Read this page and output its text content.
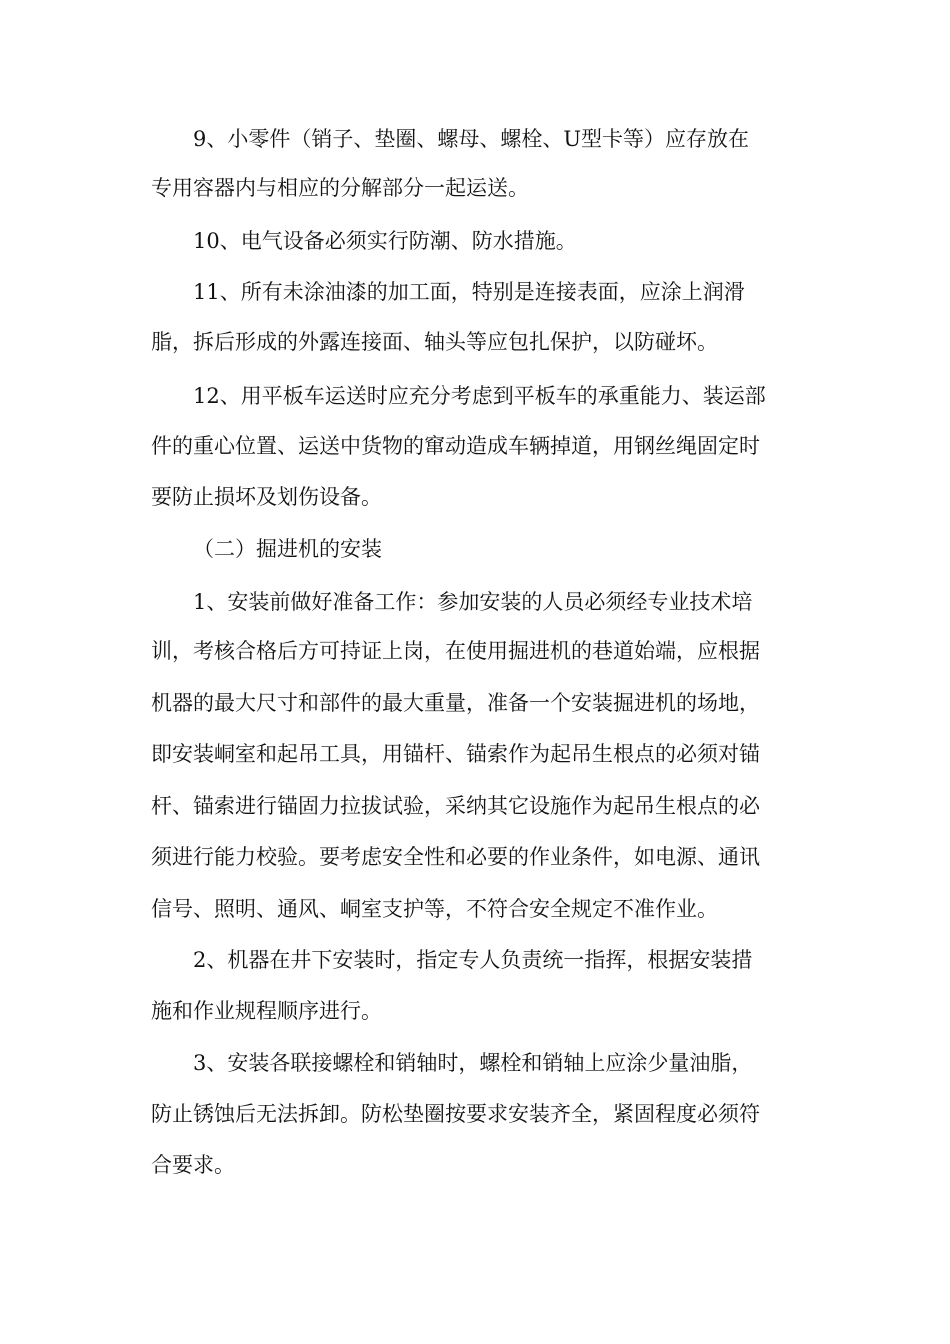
9、小零件（销子、垫圈、螺母、螺栓、U型卡等）应存放在
专用容器内与相应的分解部分一起运送。
10、电气设备必须实行防潮、防水措施。
11、所有未涂油漆的加工面，特别是连接表面，应涂上润滑
脂，拆后形成的外露连接面、轴头等应包扎保护，以防碰坏。
12、用平板车运送时应充分考虑到平板车的承重能力、装运部
件的重心位置、运送中货物的窜动造成车辆掉道，用钢丝绳固定时
要防止损坏及划伤设备。
（二）掘进机的安装
1、安装前做好准备工作：参加安装的人员必须经专业技术培
训，考核合格后方可持证上岗，在使用掘进机的巷道始端，应根据
机器的最大尺寸和部件的最大重量，准备一个安装掘进机的场地，
即安装峒室和起吊工具，用锚杆、锚索作为起吊生根点的必须对锚
杆、锚索进行锚固力拉拔试验，采纳其它设施作为起吊生根点的必
须进行能力校验。要考虑安全性和必要的作业条件，如电源、通讯
信号、照明、通风、峒室支护等，不符合安全规定不准作业。
2、机器在井下安装时，指定专人负责统一指挥，根据安装措
施和作业规程顺序进行。
3、安装各联接螺栓和销轴时，螺栓和销轴上应涂少量油脂，
防止锈蚀后无法拆卸。防松垫圈按要求安装齐全，紧固程度必须符
合要求。
